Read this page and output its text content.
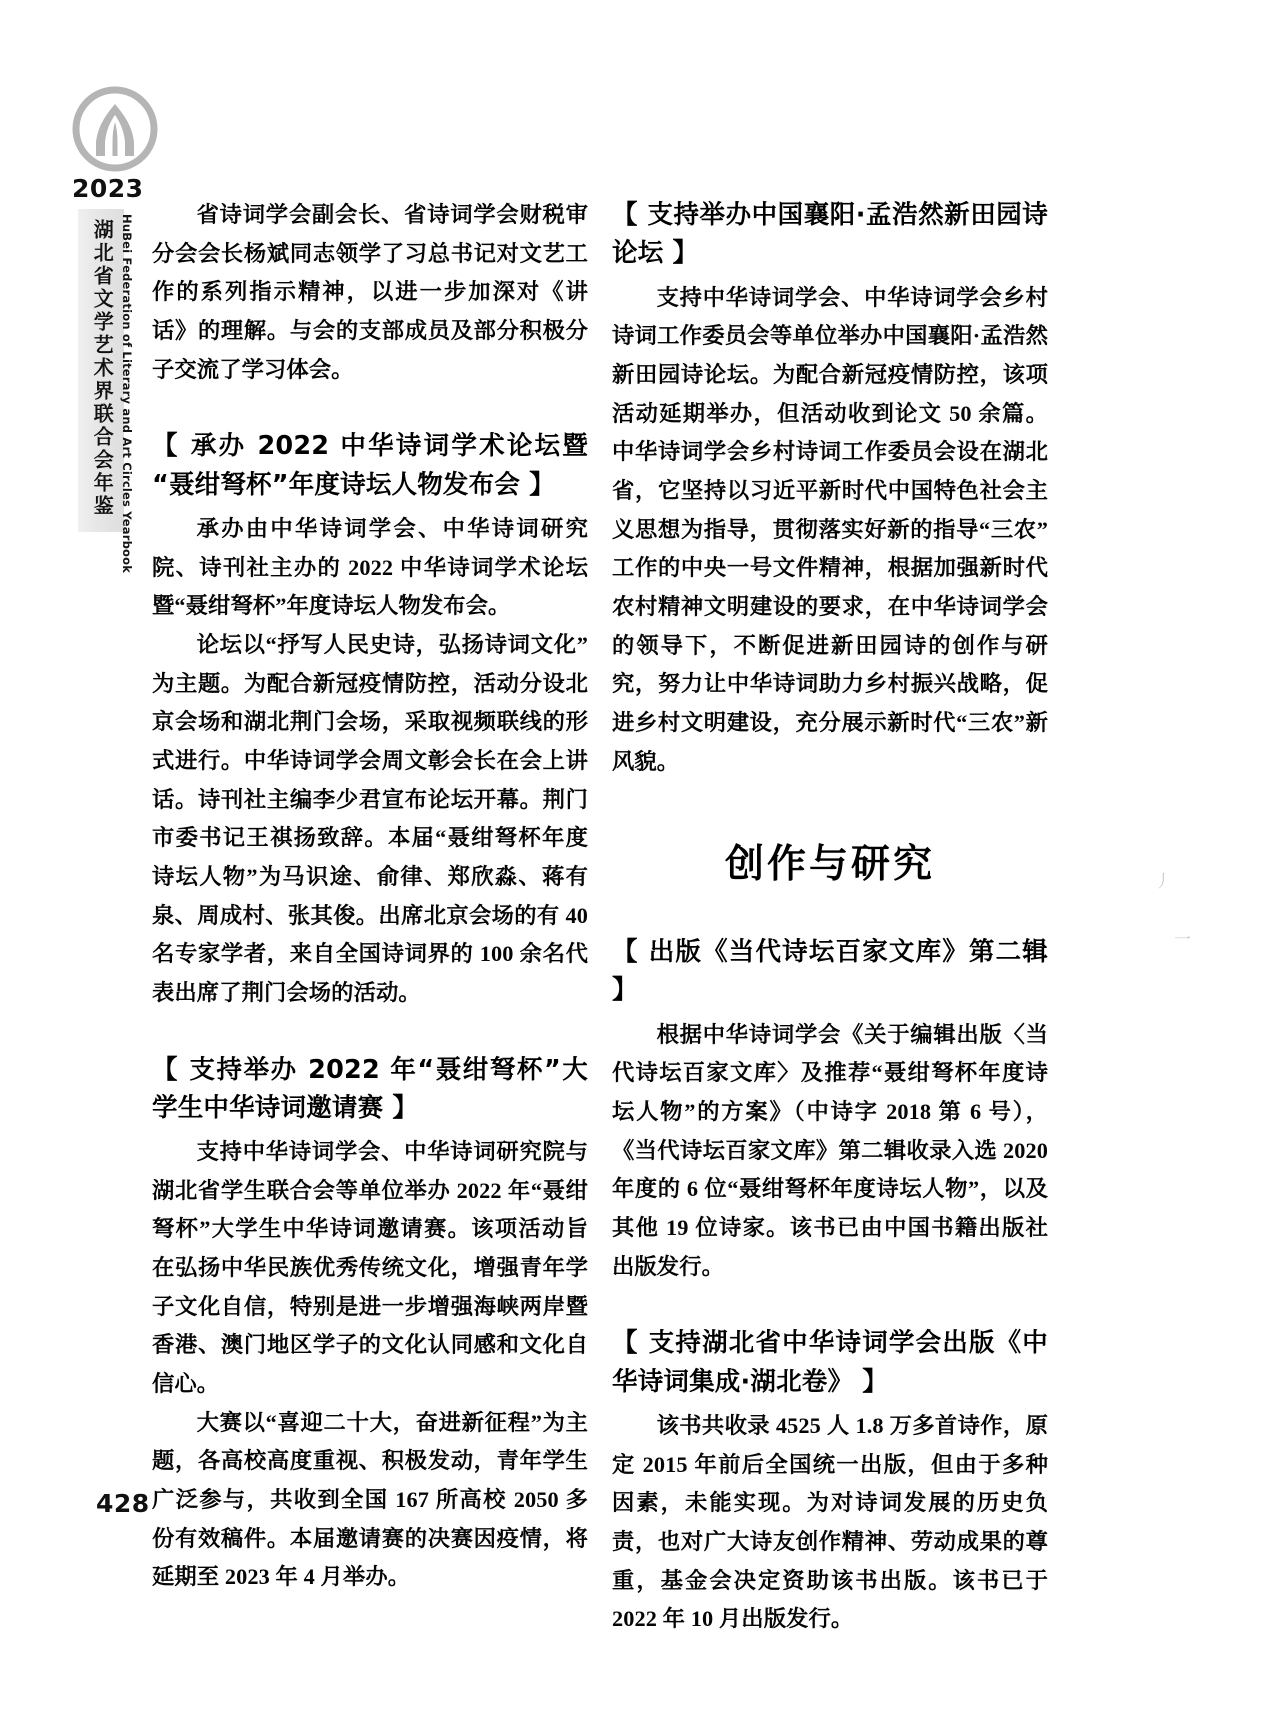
2023
湖北省文学艺术界联合会年鉴 HuBei Federation of Literary and Art Circles Yearbook	省诗词学会副会长、省诗词学会财税审分会会长杨斌同志领学了习总书记对文艺工作的系列指示精神，以进一步加深对《讲话》的理解。与会的支部成员及部分积极分子交流了学习体会。

【 承办 2022 中华诗词学术论坛暨“聂绀弩杯”年度诗坛人物发布会 】

承办由中华诗词学会、中华诗词研究院、诗刊社主办的 2022 中华诗词学术论坛暨“聂绀弩杯”年度诗坛人物发布会。

论坛以“抒写人民史诗，弘扬诗词文化”为主题。为配合新冠疫情防控，活动分设北京会场和湖北荆门会场，采取视频联线的形式进行。中华诗词学会周文彰会长在会上讲话。诗刊社主编李少君宣布论坛开幕。荆门市委书记王祺扬致辞。本届“聂绀弩杯年度诗坛人物”为马识途、俞律、郑欣淼、蒋有泉、周成村、张其俊。出席北京会场的有 40 名专家学者，来自全国诗词界的 100 余名代表出席了荆门会场的活动。

【 支持举办 2022 年“聂绀弩杯”大学生中华诗词邀请赛 】

支持中华诗词学会、中华诗词研究院与湖北省学生联合会等单位举办 2022 年“聂绀弩杯”大学生中华诗词邀请赛。该项活动旨在弘扬中华民族优秀传统文化，增强青年学子文化自信，特别是进一步增强海峡两岸暨香港、澳门地区学子的文化认同感和文化自信心。

大赛以“喜迎二十大，奋进新征程”为主题，各高校高度重视、积极发动，青年学生广泛参与，共收到全国 167 所高校 2050 多份有效稿件。本届邀请赛的决赛因疫情，将延期至 2023 年 4 月举办。

【 支持举办中国襄阳·孟浩然新田园诗论坛 】

支持中华诗词学会、中华诗词学会乡村诗词工作委员会等单位举办中国襄阳·孟浩然新田园诗论坛。为配合新冠疫情防控，该项活动延期举办，但活动收到论文 50 余篇。中华诗词学会乡村诗词工作委员会设在湖北省，它坚持以习近平新时代中国特色社会主义思想为指导，贯彻落实好新的指导“三农”工作的中央一号文件精神，根据加强新时代农村精神文明建设的要求，在中华诗词学会的领导下，不断促进新田园诗的创作与研究，努力让中华诗词助力乡村振兴战略，促进乡村文明建设，充分展示新时代“三农”新风貌。

创作与研究
【 出版《当代诗坛百家文库》第二辑 】

根据中华诗词学会《关于编辑出版〈当代诗坛百家文库〉及推荐“聂绀弩杯年度诗坛人物”的方案》（中诗字 2018 第 6 号），《当代诗坛百家文库》第二辑收录入选 2020 年度的 6 位“聂绀弩杯年度诗坛人物”，以及其他 19 位诗家。该书已由中国书籍出版社出版发行。

【 支持湖北省中华诗词学会出版《中华诗词集成·湖北卷》 】

该书共收录 4525 人 1.8 万多首诗作，原定 2015 年前后全国统一出版，但由于多种因素，未能实现。为对诗词发展的历史负责，也对广大诗友创作精神、劳动成果的尊重，基金会决定资助该书出版。该书已于 2022 年 10 月出版发行。

丿
一
428
